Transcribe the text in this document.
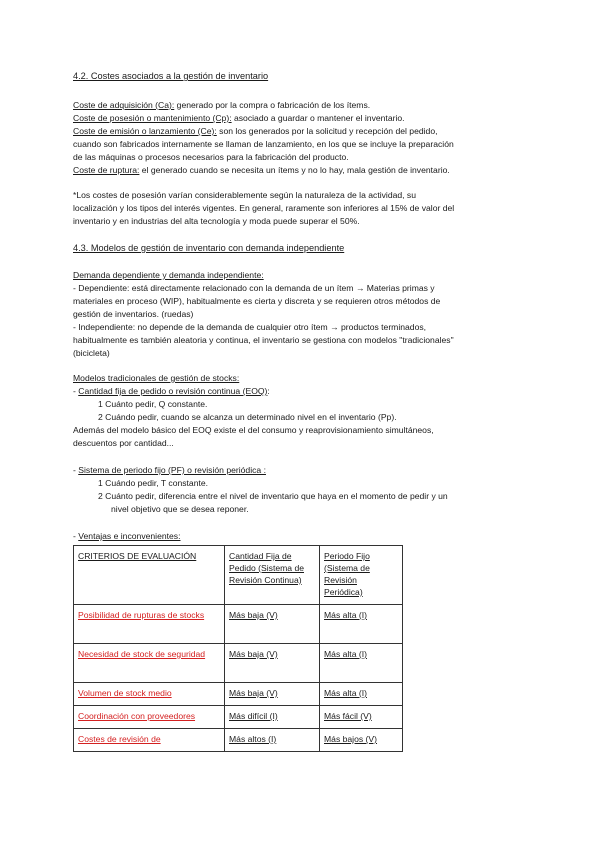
4.2. Costes asociados a la gestión de inventario

Coste de adquisición (Ca): generado por la compra o fabricación de los ítems.

Coste de posesión o mantenimiento (Cp): asociado a guardar o mantener el inventario.

Coste de emisión o lanzamiento (Ce): son los generados por la solicitud y recepción del pedido,

cuando son fabricados internamente se llaman de lanzamiento, en los que se incluye la preparación

de las máquinas o procesos necesarios para la fabricación del producto.

Coste de ruptura: el generado cuando se necesita un ítems y no lo hay, mala gestión de inventario.

*Los costes de posesión varían considerablemente según la naturaleza de la actividad, su

localización y los tipos del interés vigentes. En general, raramente son inferiores al 15% de valor del

inventario y en industrias del alta tecnología y moda puede superar el 50%.

4.3. Modelos de gestión de inventario con demanda independiente

Demanda dependiente y demanda independiente:

- Dependiente: está directamente relacionado con la demanda de un ítem → Materias primas y

materiales en proceso (WIP), habitualmente es cierta y discreta y se requieren otros métodos de

gestión de inventarios. (ruedas)

- Independiente: no depende de la demanda de cualquier otro ítem → productos terminados,

habitualmente es también aleatoria y continua, el inventario se gestiona con modelos "tradicionales"

(bicicleta)

Modelos tradicionales de gestión de stocks:

- Cantidad fija de pedido o revisión continua (EOQ):

1 Cuánto pedir, Q constante.

2 Cuándo pedir, cuando se alcanza un determinado nivel en el inventario (Pp).

Además del modelo básico del EOQ existe el del consumo y reaprovisionamiento simultáneos,

descuentos por cantidad...

- Sistema de periodo fijo (PF) o revisión periódica :

1 Cuándo pedir, T constante.

2 Cuánto pedir, diferencia entre el nivel de inventario que haya en el momento de pedir y un

nivel objetivo que se desea reponer.

- Ventajas e inconvenientes:

CRITERIOS DE EVALUACIÓN	Cantidad Fija de Pedido (Sistema de Revisión Continua)	Periodo Fijo (Sistema de Revisión Periódica)
Posibilidad de rupturas de stocks	Más baja (V)	Más alta (I)
Necesidad de stock de seguridad	Más baja (V)	Más alta (I)
Volumen de stock medio	Más baja (V)	Más alta (I)
Coordinación con proveedores	Más difícil (I)	Más fácil (V)
Costes de revisión de	Más altos (I)	Más bajos (V)
